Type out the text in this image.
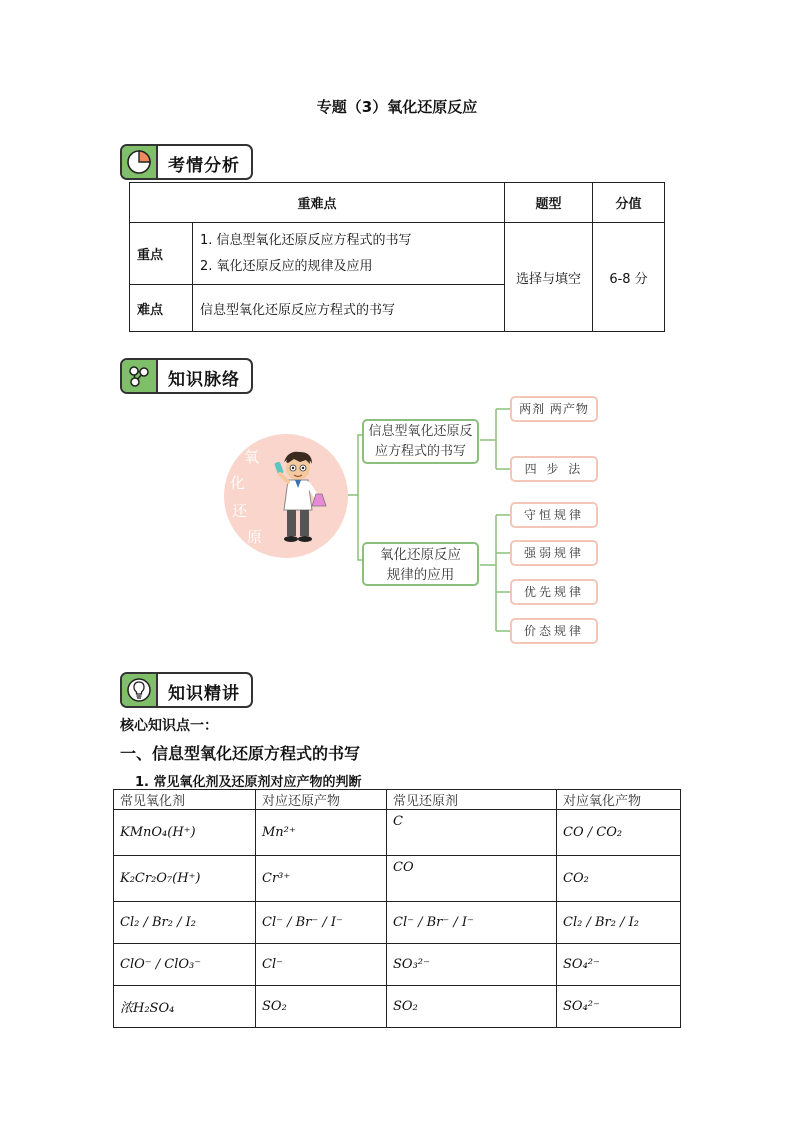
专题（3）氧化还原反应
考情分析
重难点		题型	分值
重点	1. 信息型氧化还原反应方程式的书写
2. 氧化还原反应的规律及应用	选择与填空	6-8 分
难点	信息型氧化还原反应方程式的书写		
知识脉络
氧
化
还
原
信息型氧化还原反
应方程式的书写
氧化还原反应
规律的应用
两剂 两产物
四 步 法
守恒规律
强弱规律
优先规律
价态规律
知识精讲
核心知识点一：
一、信息型氧化还原方程式的书写
1. 常见氧化剂及还原剂对应产物的判断
常见氧化剂	对应还原产物	常见还原剂	对应氧化产物
KMnO₄(H⁺)	Mn²⁺	C	CO / CO₂
K₂Cr₂O₇(H⁺)	Cr³⁺	CO	CO₂
Cl₂ / Br₂ / I₂	Cl⁻ / Br⁻ / I⁻	Cl⁻ / Br⁻ / I⁻	Cl₂ / Br₂ / I₂
ClO⁻ / ClO₃⁻	Cl⁻	SO₃²⁻	SO₄²⁻
浓H₂SO₄	SO₂	SO₂	SO₄²⁻
